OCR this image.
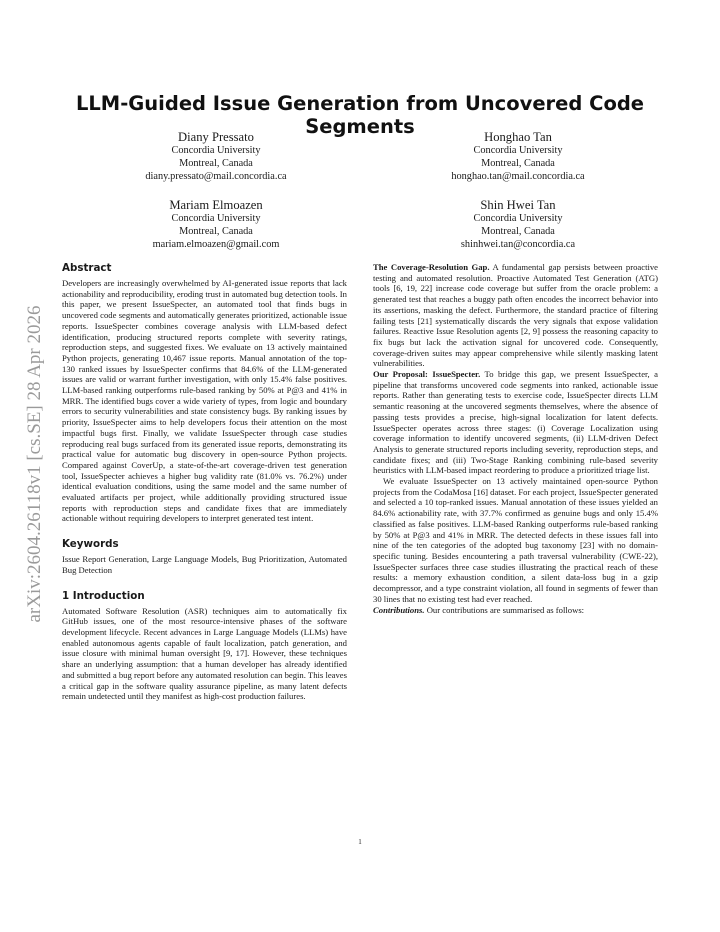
arXiv:2604.26118v1 [cs.SE] 28 Apr 2026
LLM-Guided Issue Generation from Uncovered Code Segments
Diany Pressato
Concordia University
Montreal, Canada
diany.pressato@mail.concordia.ca
Honghao Tan
Concordia University
Montreal, Canada
honghao.tan@mail.concordia.ca
Mariam Elmoazen
Concordia University
Montreal, Canada
mariam.elmoazen@gmail.com
Shin Hwei Tan
Concordia University
Montreal, Canada
shinhwei.tan@concordia.ca
Abstract

Developers are increasingly overwhelmed by AI-generated issue reports that lack actionability and reproducibility, eroding trust in automated bug detection tools. In this paper, we present IssueSpecter, an automated tool that finds bugs in uncovered code segments and automatically generates prioritized, actionable issue reports. IssueSpecter combines coverage analysis with LLM-based defect identification, producing structured reports complete with severity ratings, reproduction steps, and suggested fixes. We evaluate on 13 actively maintained Python projects, generating 10,467 issue reports. Manual annotation of the top-130 ranked issues by IssueSpecter confirms that 84.6% of the LLM-generated issues are valid or warrant further investigation, with only 15.4% false positives. LLM-based ranking outperforms rule-based ranking by 50% at P@3 and 41% in MRR. The identified bugs cover a wide variety of types, from logic and boundary errors to security vulnerabilities and state consistency bugs. By ranking issues by priority, IssueSpecter aims to help developers focus their attention on the most impactful bugs first. Finally, we validate IssueSpecter through case studies reproducing real bugs surfaced from its generated issue reports, demonstrating its practical value for automatic bug discovery in open-source Python projects. Compared against CoverUp, a state-of-the-art coverage-driven test generation tool, IssueSpecter achieves a higher bug validity rate (81.0% vs. 76.2%) under identical evaluation conditions, using the same model and the same number of evaluated artifacts per project, while additionally providing structured issue reports with reproduction steps and candidate fixes that are immediately actionable without requiring developers to interpret generated test intent.

Keywords

Issue Report Generation, Large Language Models, Bug Prioritization, Automated Bug Detection

1 Introduction

Automated Software Resolution (ASR) techniques aim to automatically fix GitHub issues, one of the most resource-intensive phases of the software development lifecycle. Recent advances in Large Language Models (LLMs) have enabled autonomous agents capable of fault localization, patch generation, and issue closure with minimal human oversight [9, 17]. However, these techniques share an underlying assumption: that a human developer has already identified and submitted a bug report before any automated resolution can begin. This leaves a critical gap in the software quality assurance pipeline, as many latent defects remain undetected until they manifest as high-cost production failures.

The Coverage-Resolution Gap. A fundamental gap persists between proactive testing and automated resolution. Proactive Automated Test Generation (ATG) tools [6, 19, 22] increase code coverage but suffer from the oracle problem: a generated test that reaches a buggy path often encodes the incorrect behavior into its assertions, masking the defect. Furthermore, the standard practice of filtering failing tests [21] systematically discards the very signals that expose validation failures. Reactive Issue Resolution agents [2, 9] possess the reasoning capacity to fix bugs but lack the activation signal for uncovered code. Consequently, coverage-driven suites may appear comprehensive while silently masking latent vulnerabilities.

Our Proposal: IssueSpecter. To bridge this gap, we present IssueSpecter, a pipeline that transforms uncovered code segments into ranked, actionable issue reports. Rather than generating tests to exercise code, IssueSpecter directs LLM semantic reasoning at the uncovered segments themselves, where the absence of passing tests provides a precise, high-signal localization for latent defects. IssueSpecter operates across three stages: (i) Coverage Localization using coverage information to identify uncovered segments, (ii) LLM-driven Defect Analysis to generate structured reports including severity, reproduction steps, and candidate fixes; and (iii) Two-Stage Ranking combining rule-based severity heuristics with LLM-based impact reordering to produce a prioritized triage list.

We evaluate IssueSpecter on 13 actively maintained open-source Python projects from the CodaMosa [16] dataset. For each project, IssueSpecter generated and selected a 10 top-ranked issues. Manual annotation of these issues yielded an 84.6% actionability rate, with 37.7% confirmed as genuine bugs and only 15.4% classified as false positives. LLM-based Ranking outperforms rule-based ranking by 50% at P@3 and 41% in MRR. The detected defects in these issues fall into nine of the ten categories of the adopted bug taxonomy [23] with no domain-specific tuning. Besides encountering a path traversal vulnerability (CWE-22), IssueSpecter surfaces three case studies illustrating the practical reach of these results: a memory exhaustion condition, a silent data-loss bug in a gzip decompressor, and a type constraint violation, all found in segments of fewer than 30 lines that no existing test had ever reached.

Contributions. Our contributions are summarised as follows:

1
